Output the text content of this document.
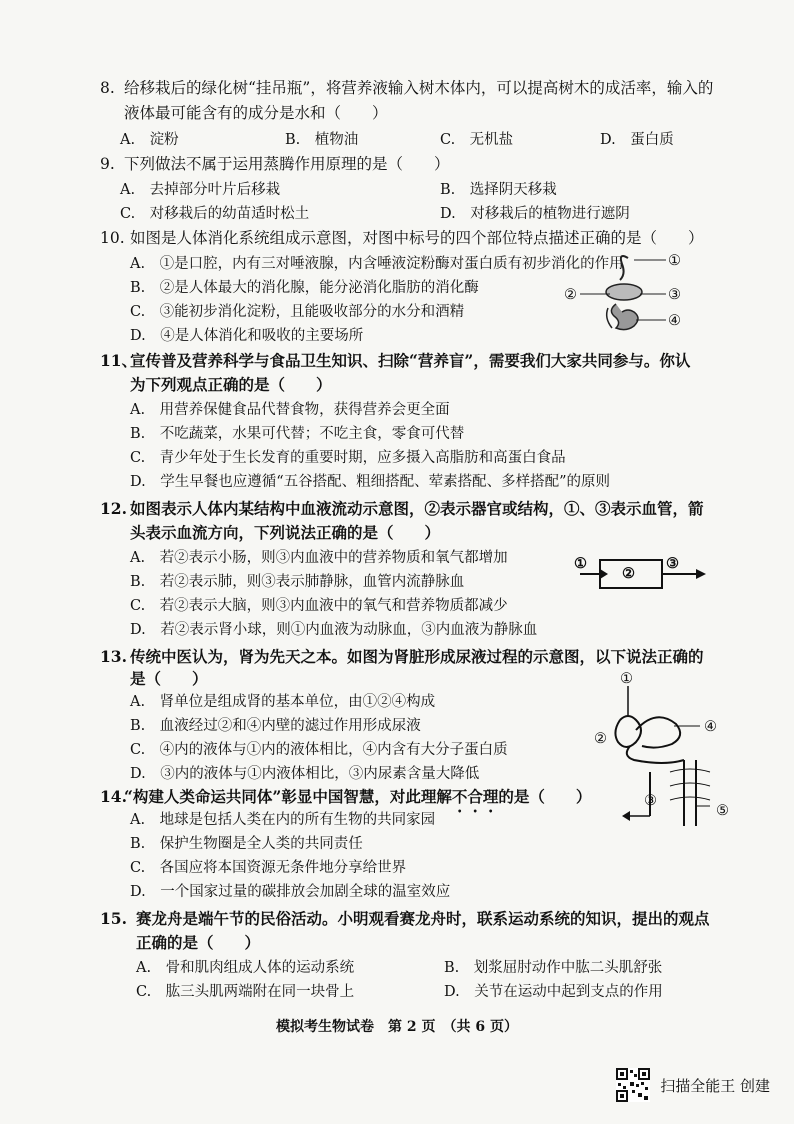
8. 给移栽后的绿化树“挂吊瓶”，将营养液输入树木体内，可以提高树木的成活率，输入的
液体最可能含有的成分是水和（　　）
A.　淀粉	B.　植物油	C.　无机盐	D.　蛋白质
9. 下列做法不属于运用蒸腾作用原理的是（　　）
A.　去掉部分叶片后移栽	B.　选择阴天移栽
C.　对移栽后的幼苗适时松土	D.　对移栽后的植物进行遮阴
10. 如图是人体消化系统组成示意图，对图中标号的四个部位特点描述正确的是（　　）
A.　①是口腔，内有三对唾液腺，内含唾液淀粉酶对蛋白质有初步消化的作用
B.　②是人体最大的消化腺，能分泌消化脂肪的消化酶
C.　③能初步消化淀粉，且能吸收部分的水分和酒精
D.　④是人体消化和吸收的主要场所
①
②	③
④
11、
宣传普及营养科学与食品卫生知识、扫除“营养盲”，需要我们大家共同参与。你认
为下列观点正确的是（　　）
A.　用营养保健食品代替食物，获得营养会更全面
B.　不吃蔬菜，水果可代替；不吃主食，零食可代替
C.　青少年处于生长发育的重要时期，应多摄入高脂肪和高蛋白食品
D.　学生早餐也应遵循“五谷搭配、粗细搭配、荤素搭配、多样搭配”的原则
12. 如图表示人体内某结构中血液流动示意图，②表示器官或结构，①、③表示血管，箭
头表示血流方向，下列说法正确的是（　　）
A.　若②表示小肠，则③内血液中的营养物质和氧气都增加
B.　若②表示肺，则③表示肺静脉，血管内流静脉血
C.　若②表示大脑，则③内血液中的氧气和营养物质都减少
D.　若②表示肾小球，则①内血液为动脉血，③内血液为静脉血
①
②
③
13. 传统中医认为，肾为先天之本。如图为肾脏形成尿液过程的示意图，以下说法正确的
是（　　）
A.　肾单位是组成肾的基本单位，由①②④构成
B.　血液经过②和④内壁的滤过作用形成尿液
C.　④内的液体与①内的液体相比，④内含有大分子蛋白质
D.　③内的液体与①内液体相比，③内尿素含量大降低
①
②
③
④
⑤
14.
“构建人类命运共同体”彰显中国智慧，对此理解不合理的是（　　）
A.　地球是包括人类在内的所有生物的共同家园
B.　保护生物圈是全人类的共同责任
C.　各国应将本国资源无条件地分享给世界
D.　一个国家过量的碳排放会加剧全球的温室效应
15. 赛龙舟是端午节的民俗活动。小明观看赛龙舟时，联系运动系统的知识，提出的观点
正确的是（　　）
A.　骨和肌肉组成人体的运动系统	B.　划浆屈肘动作中肱二头肌舒张
C.　肱三头肌两端附在同一块骨上	D.　关节在运动中起到支点的作用
模拟考生物试卷　第 2 页　（共 6 页）
扫描全能王 创建
